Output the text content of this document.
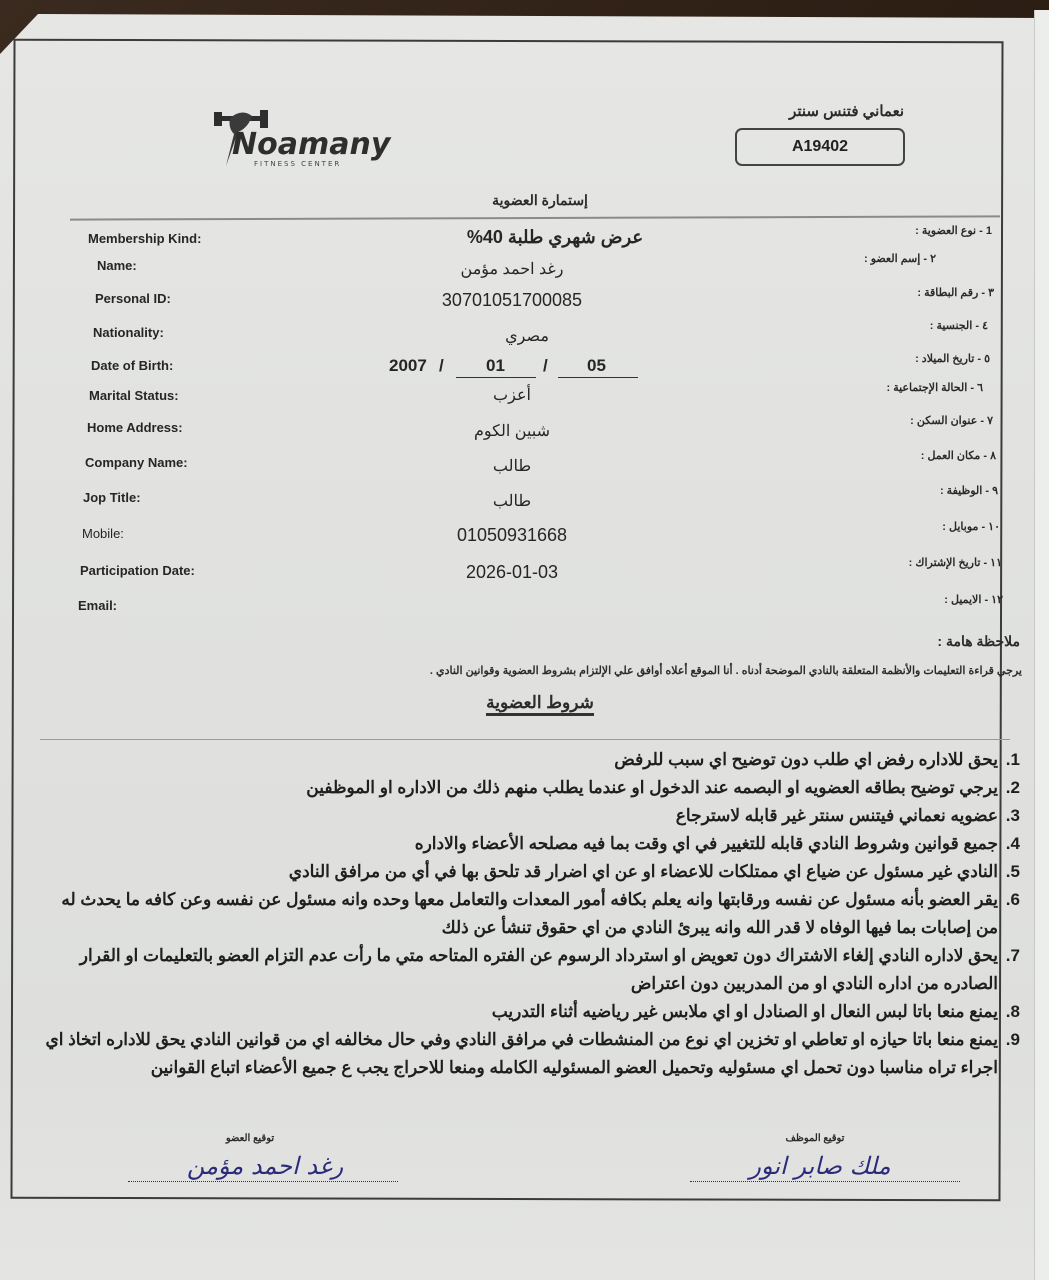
Noamany
FITNESS CENTER
نعماني فتنس سنتر
A19402
إستمارة العضوية
Membership Kind:	1 - نوع العضوية :
عرض شهري طلبة 40%
Name:	٢ - إسم العضو :
رغد احمد مؤمن
Personal ID:	٣ - رقم البطاقة :
30701051700085
Nationality:	٤ - الجنسية :
مصري
Date of Birth:	٥ - تاريخ الميلاد :
2007 / 01 / 05
Marital Status:	٦ - الحالة الإجتماعية :
أعزب
Home Address:	٧ - عنوان السكن :
شبين الكوم
Company Name:	٨ - مكان العمل :
طالب
Jop Title:	٩ - الوظيفة :
طالب
Mobile:	١٠ - موبايل :
01050931668
Participation Date:	١١ - تاريخ الإشتراك :
2026-01-03
Email:	١٢ - الايميل :
ملاحظة هامة :
يرجي قراءة التعليمات والأنظمة المتعلقة بالنادي الموضحة أدناه . أنا الموقع أعلاه أوافق علي الإلتزام بشروط العضوية وقوانين النادي .
شروط العضوية
1.
يحق للاداره رفض اي طلب دون توضيح اي سبب للرفض
2.
يرجي توضيح بطاقه العضويه او البصمه عند الدخول او عندما يطلب منهم ذلك من الاداره او الموظفين
3.
عضويه نعماني فيتنس سنتر غير قابله لاسترجاع
4.
جميع قوانين وشروط النادي قابله للتغيير في اي وقت بما فيه مصلحه الأعضاء والاداره
5.
النادي غير مسئول عن ضياع اي ممتلكات للاعضاء او عن اي اضرار قد تلحق بها في أي من مرافق النادي
6.
يقر العضو بأنه مسئول عن نفسه ورقابتها وانه يعلم بكافه أمور المعدات والتعامل معها وحده وانه مسئول عن نفسه وعن كافه ما يحدث له من إصابات بما فيها الوفاه لا قدر الله وانه يبرئ النادي من اي حقوق تنشأ عن ذلك
7.
يحق لاداره النادي إلغاء الاشتراك دون تعويض او استرداد الرسوم عن الفتره المتاحه متي ما رأت عدم التزام العضو بالتعليمات او القرار الصادره من اداره النادي او من المدربين دون اعتراض
8.
يمنع منعا باتا لبس النعال او الصنادل او اي ملابس غير رياضيه أثناء التدريب
9.
يمنع منعا باتا حيازه او تعاطي او تخزين اي نوع من المنشطات في مرافق النادي وفي حال مخالفه اي من قوانين النادي يحق للاداره اتخاذ اي اجراء تراه مناسبا دون تحمل اي مسئوليه وتحميل العضو المسئوليه الكامله ومنعا للاحراج يجب ع جميع الأعضاء اتباع القوانين
توقيع العضو
رغد احمد مؤمن
توقيع الموظف
ملك صابر انور
